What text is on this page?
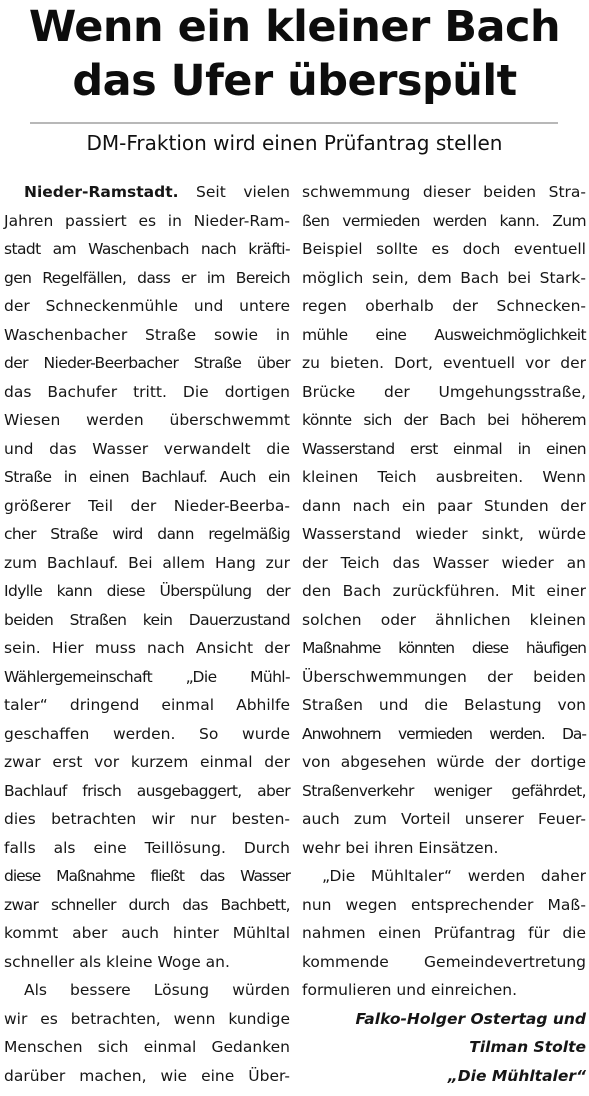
Wenn ein kleiner Bach
das Ufer überspült
DM-Fraktion wird einen Prüfantrag stellen
Nieder-Ramstadt. Seit vielen
Jahren passiert es in Nieder-Ram-
stadt am Waschenbach nach kräfti-
gen Regelfällen, dass er im Bereich
der Schneckenmühle und untere
Waschenbacher Straße sowie in
der Nieder-Beerbacher Straße über
das Bachufer tritt. Die dortigen
Wiesen werden überschwemmt
und das Wasser verwandelt die
Straße in einen Bachlauf. Auch ein
größerer Teil der Nieder-Beerba-
cher Straße wird dann regelmäßig
zum Bachlauf. Bei allem Hang zur
Idylle kann diese Überspülung der
beiden Straßen kein Dauerzustand
sein. Hier muss nach Ansicht der
Wählergemeinschaft „Die Mühl-
taler“ dringend einmal Abhilfe
geschaffen werden. So wurde
zwar erst vor kurzem einmal der
Bachlauf frisch ausgebaggert, aber
dies betrachten wir nur besten-
falls als eine Teillösung. Durch
diese Maßnahme fließt das Wasser
zwar schneller durch das Bachbett,
kommt aber auch hinter Mühltal
schneller als kleine Woge an.
Als bessere Lösung würden
wir es betrachten, wenn kundige
Menschen sich einmal Gedanken
darüber machen, wie eine Über-
schwemmung dieser beiden Stra-
ßen vermieden werden kann. Zum
Beispiel sollte es doch eventuell
möglich sein, dem Bach bei Stark-
regen oberhalb der Schnecken-
mühle eine Ausweichmöglichkeit
zu bieten. Dort, eventuell vor der
Brücke der Umgehungsstraße,
könnte sich der Bach bei höherem
Wasserstand erst einmal in einen
kleinen Teich ausbreiten. Wenn
dann nach ein paar Stunden der
Wasserstand wieder sinkt, würde
der Teich das Wasser wieder an
den Bach zurückführen. Mit einer
solchen oder ähnlichen kleinen
Maßnahme könnten diese häufigen
Überschwemmungen der beiden
Straßen und die Belastung von
Anwohnern vermieden werden. Da-
von abgesehen würde der dortige
Straßenverkehr weniger gefährdet,
auch zum Vorteil unserer Feuer-
wehr bei ihren Einsätzen.
„Die Mühltaler“ werden daher
nun wegen entsprechender Maß-
nahmen einen Prüfantrag für die
kommende Gemeindevertretung
formulieren und einreichen.
Falko-Holger Ostertag und
Tilman Stolte
„Die Mühltaler“
